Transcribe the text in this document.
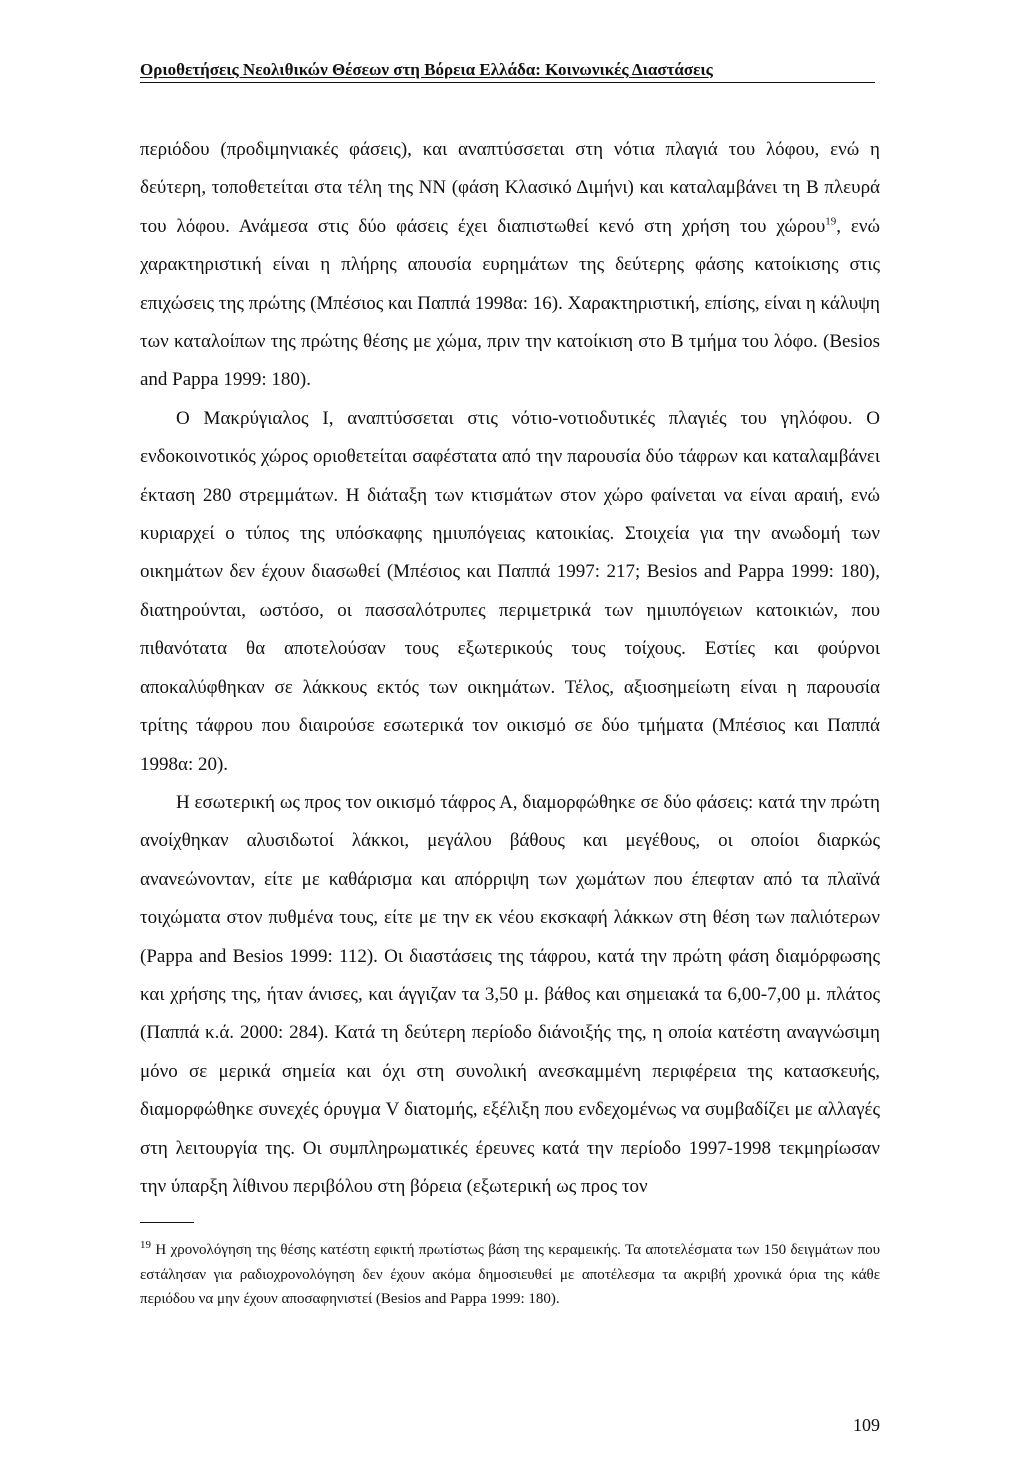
Οριοθετήσεις Νεολιθικών Θέσεων στη Βόρεια Ελλάδα: Κοινωνικές Διαστάσεις

περιόδου (προδιμηνιακές φάσεις), και αναπτύσσεται στη νότια πλαγιά του λόφου, ενώ η δεύτερη, τοποθετείται στα τέλη της ΝΝ (φάση Κλασικό Διμήνι) και καταλαμβάνει τη Β πλευρά του λόφου. Ανάμεσα στις δύο φάσεις έχει διαπιστωθεί κενό στη χρήση του χώρου$^{19}$, ενώ χαρακτηριστική είναι η πλήρης απουσία ευρημάτων της δεύτερης φάσης κατοίκισης στις επιχώσεις της πρώτης (Μπέσιος και Παππά 1998α: 16). Χαρακτηριστική, επίσης, είναι η κάλυψη των καταλοίπων της πρώτης θέσης με χώμα, πριν την κατοίκιση στο Β τμήμα του λόφο. (Besios and Pappa 1999: 180).

Ο Μακρύγιαλος Ι, αναπτύσσεται στις νότιο-νοτιοδυτικές πλαγιές του γηλόφου. Ο ενδοκοινοτικός χώρος οριοθετείται σαφέστατα από την παρουσία δύο τάφρων και καταλαμβάνει έκταση 280 στρεμμάτων. Η διάταξη των κτισμάτων στον χώρο φαίνεται να είναι αραιή, ενώ κυριαρχεί ο τύπος της υπόσκαφης ημιυπόγειας κατοικίας. Στοιχεία για την ανωδομή των οικημάτων δεν έχουν διασωθεί (Μπέσιος και Παππά 1997: 217; Besios and Pappa 1999: 180), διατηρούνται, ωστόσο, οι πασσαλότρυπες περιμετρικά των ημιυπόγειων κατοικιών, που πιθανότατα θα αποτελούσαν τους εξωτερικούς τους τοίχους. Εστίες και φούρνοι αποκαλύφθηκαν σε λάκκους εκτός των οικημάτων. Τέλος, αξιοσημείωτη είναι η παρουσία τρίτης τάφρου που διαιρούσε εσωτερικά τον οικισμό σε δύο τμήματα (Μπέσιος και Παππά 1998α: 20).

Η εσωτερική ως προς τον οικισμό τάφρος Α, διαμορφώθηκε σε δύο φάσεις: κατά την πρώτη ανοίχθηκαν αλυσιδωτοί λάκκοι, μεγάλου βάθους και μεγέθους, οι οποίοι διαρκώς ανανεώνονταν, είτε με καθάρισμα και απόρριψη των χωμάτων που έπεφταν από τα πλαϊνά τοιχώματα στον πυθμένα τους, είτε με την εκ νέου εκσκαφή λάκκων στη θέση των παλιότερων (Pappa and Besios 1999: 112). Οι διαστάσεις της τάφρου, κατά την πρώτη φάση διαμόρφωσης και χρήσης της, ήταν άνισες, και άγγιζαν τα 3,50 μ. βάθος και σημειακά τα 6,00-7,00 μ. πλάτος (Παππά κ.ά. 2000: 284). Κατά τη δεύτερη περίοδο διάνοιξής της, η οποία κατέστη αναγνώσιμη μόνο σε μερικά σημεία και όχι στη συνολική ανεσκαμμένη περιφέρεια της κατασκευής, διαμορφώθηκε συνεχές όρυγμα V διατομής, εξέλιξη που ενδεχομένως να συμβαδίζει με αλλαγές στη λειτουργία της. Οι συμπληρωματικές έρευνες κατά την περίοδο 1997-1998 τεκμηρίωσαν την ύπαρξη λίθινου περιβόλου στη βόρεια (εξωτερική ως προς τον

$^{19}$ Η χρονολόγηση της θέσης κατέστη εφικτή πρωτίστως βάση της κεραμεικής. Τα αποτελέσματα των 150 δειγμάτων που εστάλησαν για ραδιοχρονολόγηση δεν έχουν ακόμα δημοσιευθεί με αποτέλεσμα τα ακριβή χρονικά όρια της κάθε περιόδου να μην έχουν αποσαφηνιστεί (Besios and Pappa 1999: 180).

109
